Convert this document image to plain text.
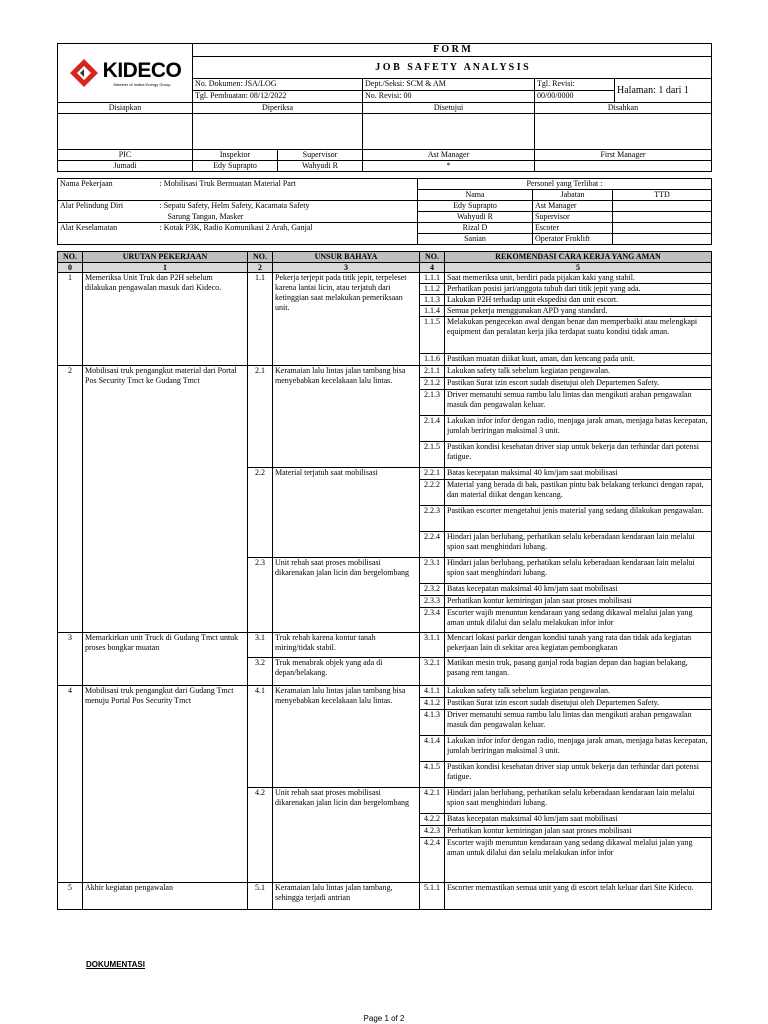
KIDECO
Member of Indika Energy Group	F O R M			
	J O B   S A F E T Y   A N A L Y S I S			
	No. Dokumen: JSA/LOG	Dept./Seksi: SCM & AM	Tgl. Revisi:	Halaman: 1 dari 1
	Tgl. Pembuatan: 08/12/2022	No. Revisi: 00	00/00/0000	
Disiapkan	Diperiksa	Disetujui	Disahkan

PIC	Inspektor	Supervisor	Ast Manager	First Manager
Jumadi	Edy Suprapto	Wahyudi R	*	
Nama Pekerjaan	: Mobilisasi Truk Bermuatan Material Part	Personel yang Terlibat :		
		Nama	Jabatan	TTD
Alat Pelindung Diri	: Sepatu Safety, Helm Safety, Kacamata Safety	Edy Suprapto	Ast Manager	
	Sarung Tangan, Masker	Wahyudi R	Supervisor	
Alat Keselamatan	: Kotak P3K, Radio Komunikasi 2 Arah, Ganjal	Rizal D	Escoter	
		Sanian	Operator Froklift	
NO.	URUTAN PEKERJAAN	NO.	UNSUR BAHAYA	NO.	REKOMENDASI CARA KERJA YANG AMAN
0	1	2	3	4	5
1	Memeriksa Unit Truk dan P2H sebelum dilakukan pengawalan masuk dari Kideco.	1.1	Pekerja terjepit pada titik jepit, terpeleset karena lantai licin, atau terjatuh dari ketinggian saat melakukan pemeriksaan unit.	1.1.1	Saat memeriksa unit, berdiri pada pijakan kaki yang stabil.
				1.1.2	Perhatikan posisi jari/anggota tubuh dari titik jepit yang ada.
				1.1.3	Lakukan P2H terhadap unit ekspedisi dan unit escort.
				1.1.4	Semua pekerja menggunakan APD yang standard.
				1.1.5	Melakukan pengecekan awal dengan benar dan memperbaiki atau melengkapi equipment dan peralatan kerja jika terdapat suatu kondisi tidak aman.
				1.1.6	Pastikan muatan diikat kuat, aman, dan kencang pada unit.
2	Mobilisasi truk pengangkut material dari Portal Pos Security Tmct ke Gudang Tmct	2.1	Keramaian lalu lintas jalan tambang bisa menyebabkan kecelakaan lalu lintas.	2.1.1	Lakukan safety talk sebelum kegiatan pengawalan.
				2.1.2	Pastikan Surat izin escort sudah disetujui oleh Departemen Safety.
				2.1.3	Driver mematuhi semua rambu lalu lintas dan mengikuti arahan pengawalan masuk dan pengawalan keluar.
				2.1.4	Lakukan infor infor dengan radio, menjaga jarak aman, menjaga batas kecepatan, jumlah beriringan maksimal 3 unit.
				2.1.5	Pastikan kondisi kesehatan driver siap untuk bekerja dan terhindar dari potensi fatigue.
		2.2	Material terjatuh saat mobilisasi	2.2.1	Batas kecepatan maksimal 40 km/jam saat mobilisasi
				2.2.2	Material yang berada di bak, pastikan pintu bak belakang terkunci dengan rapat, dan material diikat dengan kencang.
				2.2.3	Pastikan escorter mengetahui jenis material yang sedang dilakukan pengawalan.
				2.2.4	Hindari jalan berlubang, perhatikan selalu keberadaan kendaraan lain melalui spion saat menghindari lubang.
		2.3	Unit rebah saat proses mobilisasi dikarenakan jalan licin dan bergelombang	2.3.1	Hindari jalan berlubang, perhatikan selalu keberadaan kendaraan lain melalui spion saat menghindari lubang.
				2.3.2	Batas kecepatan maksimal 40 km/jam saat mobilisasi
				2.3.3	Perhatikan kontur kemiringan jalan saat proses mobilisasi
				2.3.4	Escorter wajib menuntun kendaraan yang sedang dikawal melalui jalan yang aman untuk dilalui dan selalu melakukan infor infor
3	Memarkirkan unit Truck di Gudang Tmct untuk proses bongkar muatan	3.1	Truk rebah karena kontur tanah miring/tidak stabil.	3.1.1	Mencari lokasi parkir dengan kondisi tanah yang rata dan tidak ada kegiatan pekerjaan lain di sekitar area kegiatan pembongkaran
		3.2	Truk menabrak objek yang ada di depan/belakang.	3.2.1	Matikan mesin truk, pasang ganjal roda bagian depan dan bagian belakang, pasang rem tangan.
4	Mobilisasi truk pengangkut dari Gudang Tmct menuju Portal Pos Security Tmct	4.1	Keramaian lalu lintas jalan tambang bisa menyebabkan kecelakaan lalu lintas.	4.1.1	Lakukan safety talk sebelum kegiatan pengawalan.
				4.1.2	Pastikan Surat izin escort sudah disetujui oleh Departemen Safety.
				4.1.3	Driver mematuhi semua rambu lalu lintas dan mengikuti arahan pengawalan masuk dan pengawalan keluar.
				4.1.4	Lakukan infor infor dengan radio, menjaga jarak aman, menjaga batas kecepatan, jumlah beriringan maksimal 3 unit.
				4.1.5	Pastikan kondisi kesehatan driver siap untuk bekerja dan terhindar dari potensi fatigue.
		4.2	Unit rebah saat proses mobilisasi dikarenakan jalan licin dan bergelombang	4.2.1	Hindari jalan berlubang, perhatikan selalu keberadaan kendaraan lain melalui spion saat menghindari lubang.
				4.2.2	Batas kecepatan maksimal 40 km/jam saat mobilisasi
				4.2.3	Perhatikan kontur kemiringan jalan saat proses mobilisasi
				4.2.4	Escorter wajib menuntun kendaraan yang sedang dikawal melalui jalan yang aman untuk dilalui dan selalu melakukan infor infor
5	Akhir kegiatan pengawalan	5.1	Keramaian lalu lintas jalan tambang, sehingga terjadi antrian	5.1.1	Escorter memastikan semua unit yang di escort telah keluar dari Site Kideco.
DOKUMENTASI
Page 1 of 2
